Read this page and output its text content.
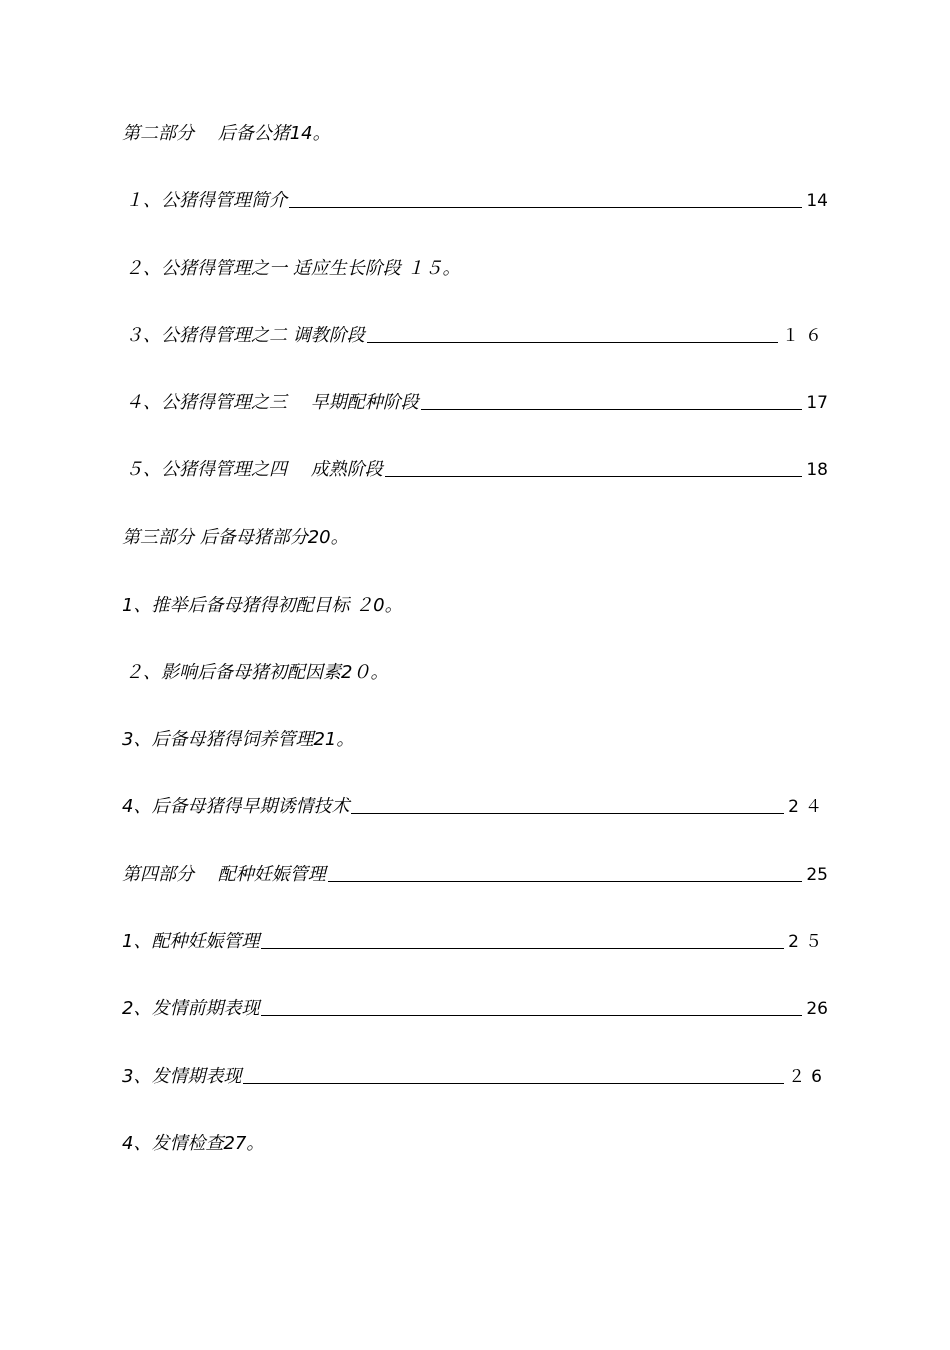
第二部分　 后备公猪14。
１、公猪得管理简介	14
２、公猪得管理之一 适应生长阶段 １５。
３、公猪得管理之二 调教阶段	１６
４、公猪得管理之三　 早期配种阶段	17
５、公猪得管理之四　 成熟阶段	18
第三部分 后备母猪部分20。
1、推举后备母猪得初配目标 ２0。
２、影响后备母猪初配因素2０。
3、后备母猪得饲养管理21。
4、后备母猪得早期诱情技术	2４
第四部分　 配种妊娠管理	25
1、配种妊娠管理	2５
2、发情前期表现	26
3、发情期表现	２6
4、发情检查27。
